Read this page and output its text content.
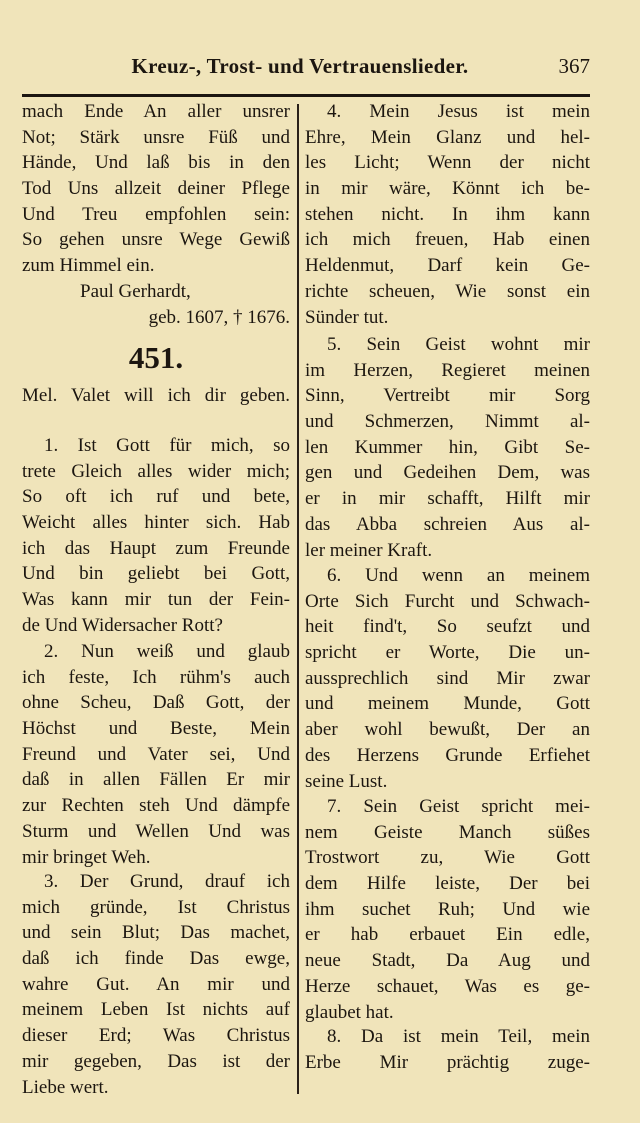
Kreuz-, Trost- und Vertrauenslieder.	367
mach Ende An aller unsrer
Not; Stärk unsre Füß und
Hände, Und laß bis in den
Tod Uns allzeit deiner Pflege
Und Treu empfohlen sein:
So gehen unsre Wege Gewiß
zum Himmel ein.
Paul Gerhardt,
geb. 1607, † 1676.
451.
Mel. Valet will ich dir geben.
1. Ist Gott für mich, so
trete Gleich alles wider mich;
So oft ich ruf und bete,
Weicht alles hinter sich. Hab
ich das Haupt zum Freunde
Und bin geliebt bei Gott,
Was kann mir tun der Fein-
de Und Widersacher Rott?
2. Nun weiß und glaub
ich feste, Ich rühm's auch
ohne Scheu, Daß Gott, der
Höchst und Beste, Mein
Freund und Vater sei, Und
daß in allen Fällen Er mir
zur Rechten steh Und dämpfe
Sturm und Wellen Und was
mir bringet Weh.
3. Der Grund, drauf ich
mich gründe, Ist Christus
und sein Blut; Das machet,
daß ich finde Das ewge,
wahre Gut. An mir und
meinem Leben Ist nichts auf
dieser Erd; Was Christus
mir gegeben, Das ist der
Liebe wert.
4. Mein Jesus ist mein
Ehre, Mein Glanz und hel-
les Licht; Wenn der nicht
in mir wäre, Könnt ich be-
stehen nicht. In ihm kann
ich mich freuen, Hab einen
Heldenmut, Darf kein Ge-
richte scheuen, Wie sonst ein
Sünder tut.
5. Sein Geist wohnt mir
im Herzen, Regieret meinen
Sinn, Vertreibt mir Sorg
und Schmerzen, Nimmt al-
len Kummer hin, Gibt Se-
gen und Gedeihen Dem, was
er in mir schafft, Hilft mir
das Abba schreien Aus al-
ler meiner Kraft.
6. Und wenn an meinem
Orte Sich Furcht und Schwach-
heit find't, So seufzt und
spricht er Worte, Die un-
aussprechlich sind Mir zwar
und meinem Munde, Gott
aber wohl bewußt, Der an
des Herzens Grunde Erfiehet
seine Lust.
7. Sein Geist spricht mei-
nem Geiste Manch süßes
Trostwort zu, Wie Gott
dem Hilfe leiste, Der bei
ihm suchet Ruh; Und wie
er hab erbauet Ein edle,
neue Stadt, Da Aug und
Herze schauet, Was es ge-
glaubet hat.
8. Da ist mein Teil, mein
Erbe Mir prächtig zuge-
